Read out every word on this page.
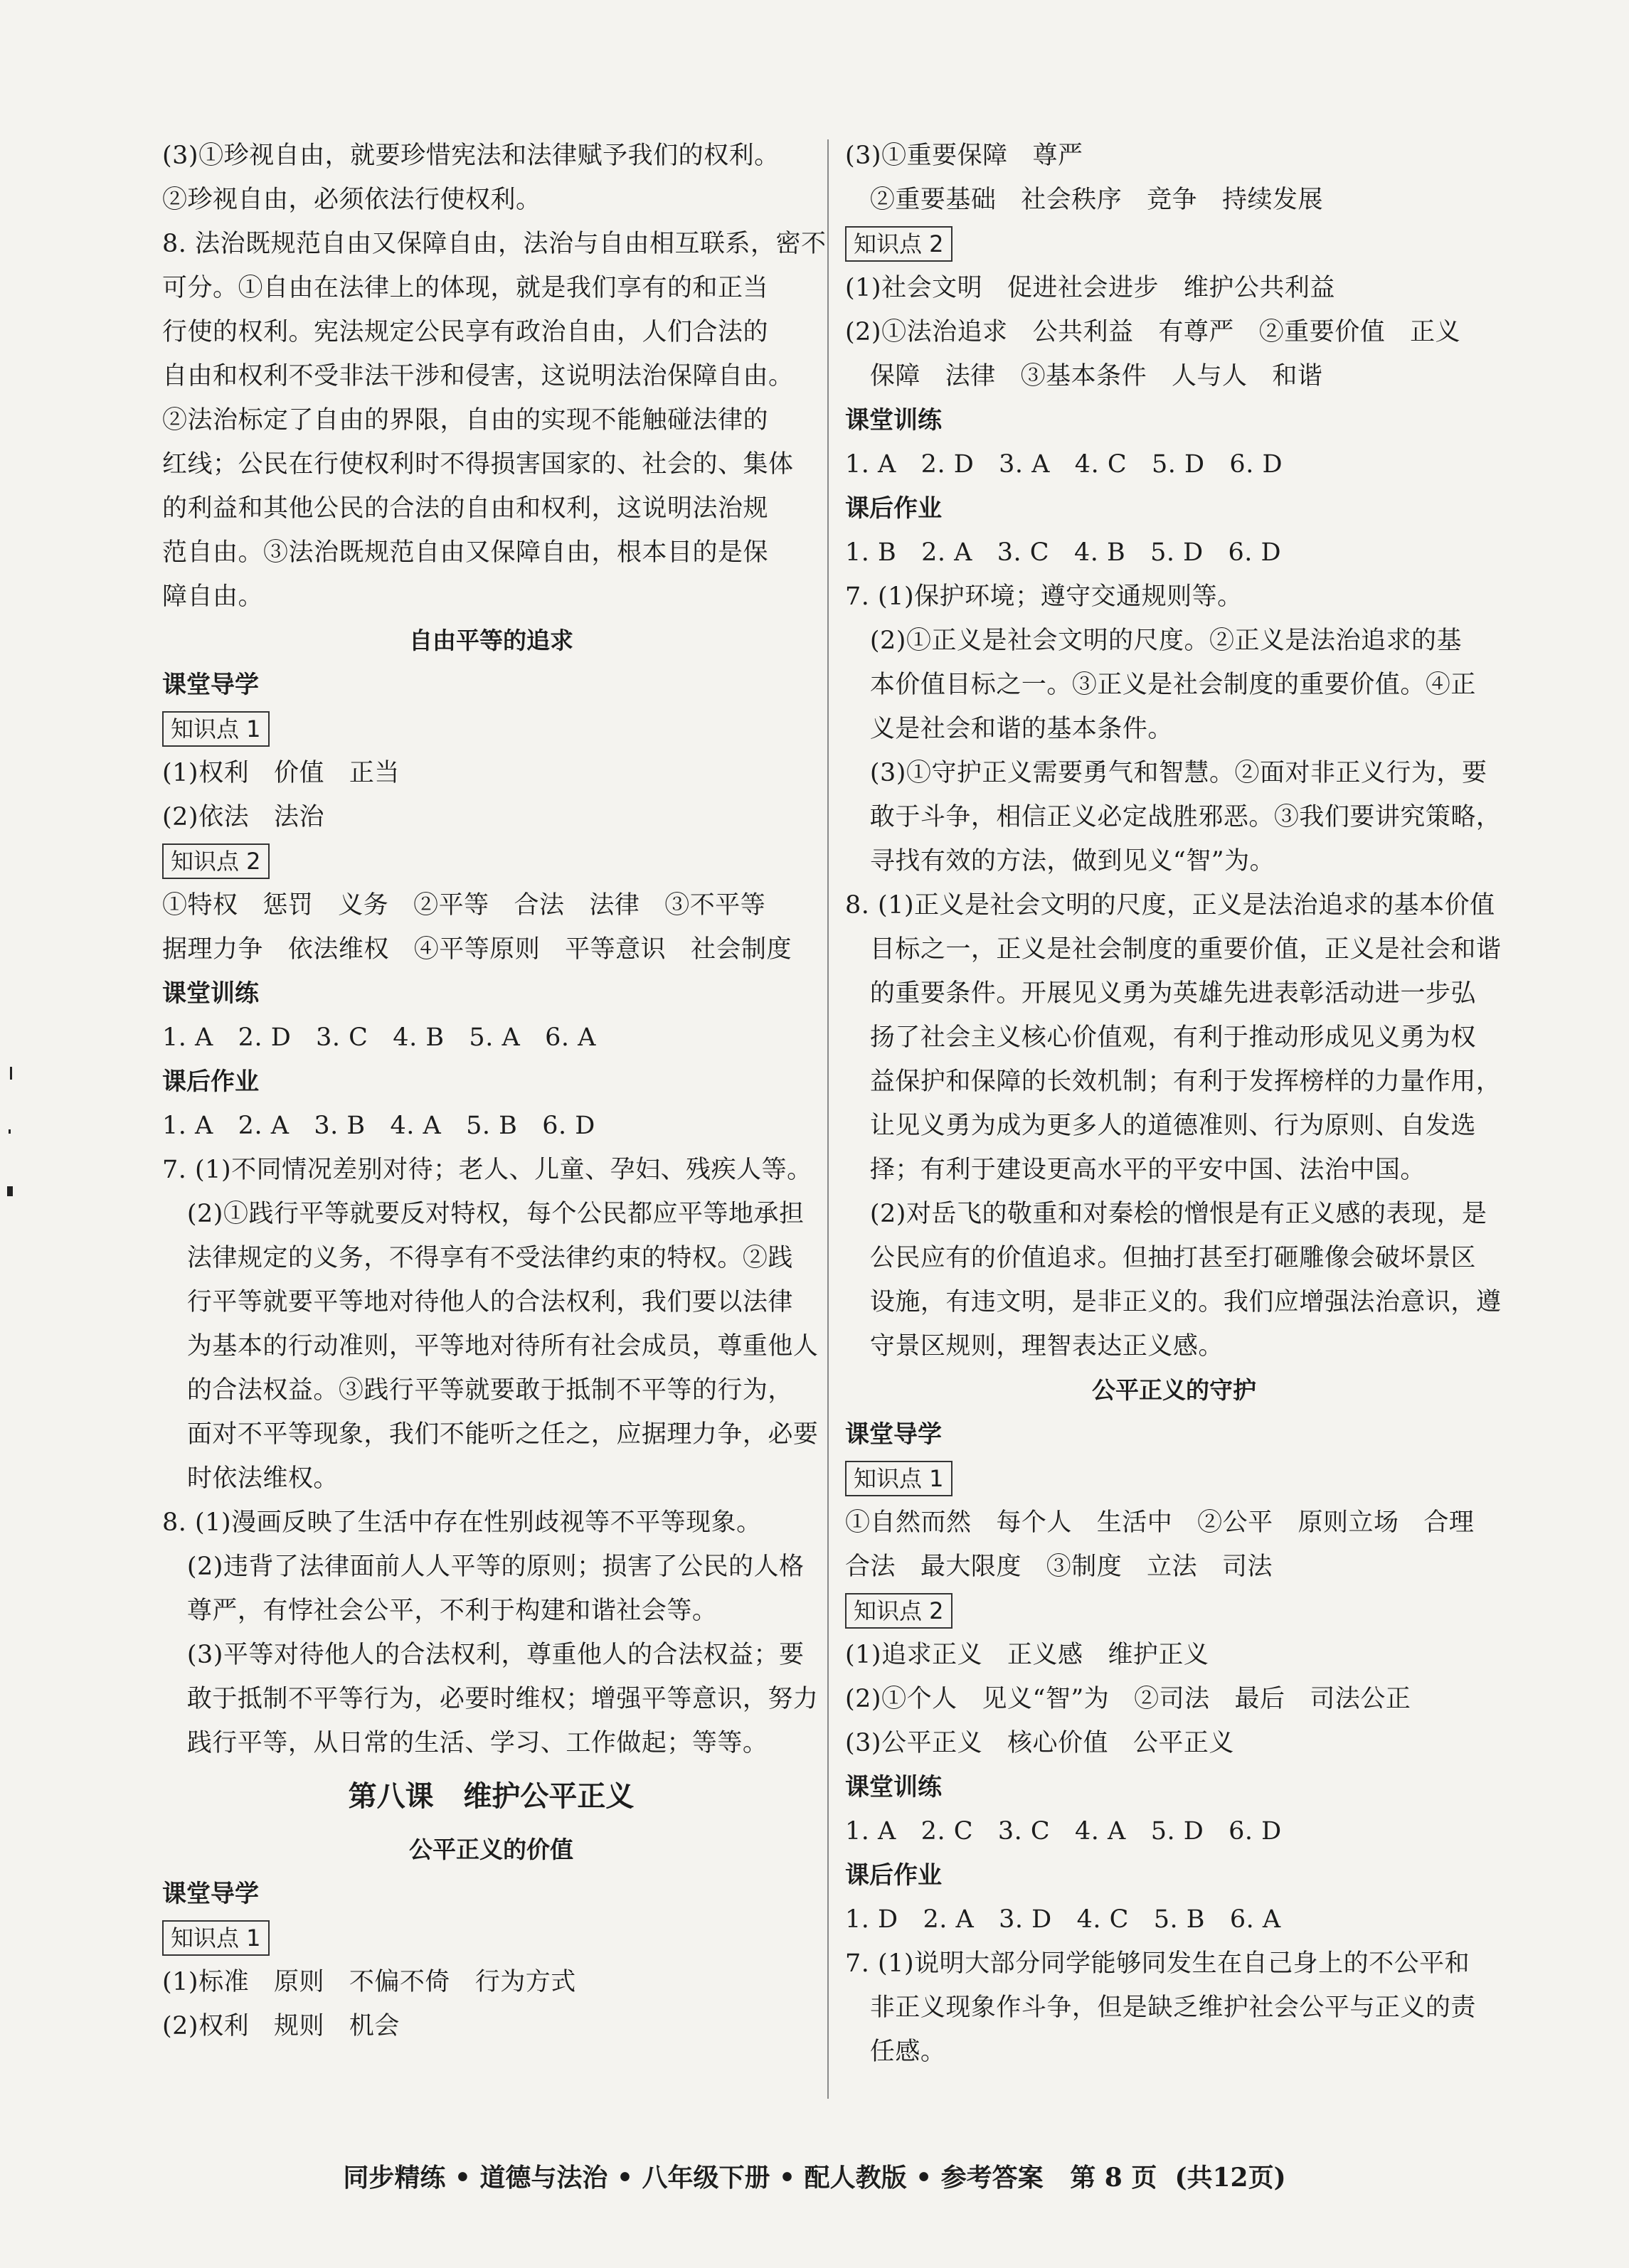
(3)①珍视自由，就要珍惜宪法和法律赋予我们的权利。
②珍视自由，必须依法行使权利。
8. 法治既规范自由又保障自由，法治与自由相互联系，密不
可分。①自由在法律上的体现，就是我们享有的和正当
行使的权利。宪法规定公民享有政治自由，人们合法的
自由和权利不受非法干涉和侵害，这说明法治保障自由。
②法治标定了自由的界限，自由的实现不能触碰法律的
红线；公民在行使权利时不得损害国家的、社会的、集体
的利益和其他公民的合法的自由和权利，这说明法治规
范自由。③法治既规范自由又保障自由，根本目的是保
障自由。
自由平等的追求
课堂导学
知识点 1
(1)权利   价值   正当
(2)依法   法治
知识点 2
①特权   惩罚   义务   ②平等   合法   法律   ③不平等
据理力争   依法维权   ④平等原则   平等意识   社会制度
课堂训练
1. A   2. D   3. C   4. B   5. A   6. A
课后作业
1. A   2. A   3. B   4. A   5. B   6. D
7. (1)不同情况差别对待；老人、儿童、孕妇、残疾人等。
(2)①践行平等就要反对特权，每个公民都应平等地承担
法律规定的义务，不得享有不受法律约束的特权。②践
行平等就要平等地对待他人的合法权利，我们要以法律
为基本的行动准则，平等地对待所有社会成员，尊重他人
的合法权益。③践行平等就要敢于抵制不平等的行为，
面对不平等现象，我们不能听之任之，应据理力争，必要
时依法维权。
8. (1)漫画反映了生活中存在性别歧视等不平等现象。
(2)违背了法律面前人人平等的原则；损害了公民的人格
尊严，有悖社会公平，不利于构建和谐社会等。
(3)平等对待他人的合法权利，尊重他人的合法权益；要
敢于抵制不平等行为，必要时维权；增强平等意识，努力
践行平等，从日常的生活、学习、工作做起；等等。
第八课   维护公平正义
公平正义的价值
课堂导学
知识点 1
(1)标准   原则   不偏不倚   行为方式
(2)权利   规则   机会
(3)①重要保障   尊严
②重要基础   社会秩序   竞争   持续发展
知识点 2
(1)社会文明   促进社会进步   维护公共利益
(2)①法治追求   公共利益   有尊严   ②重要价值   正义
保障   法律   ③基本条件   人与人   和谐
课堂训练
1. A   2. D   3. A   4. C   5. D   6. D
课后作业
1. B   2. A   3. C   4. B   5. D   6. D
7. (1)保护环境；遵守交通规则等。
(2)①正义是社会文明的尺度。②正义是法治追求的基
本价值目标之一。③正义是社会制度的重要价值。④正
义是社会和谐的基本条件。
(3)①守护正义需要勇气和智慧。②面对非正义行为，要
敢于斗争，相信正义必定战胜邪恶。③我们要讲究策略，
寻找有效的方法，做到见义“智”为。
8. (1)正义是社会文明的尺度，正义是法治追求的基本价值
目标之一，正义是社会制度的重要价值，正义是社会和谐
的重要条件。开展见义勇为英雄先进表彰活动进一步弘
扬了社会主义核心价值观，有利于推动形成见义勇为权
益保护和保障的长效机制；有利于发挥榜样的力量作用，
让见义勇为成为更多人的道德准则、行为原则、自发选
择；有利于建设更高水平的平安中国、法治中国。
(2)对岳飞的敬重和对秦桧的憎恨是有正义感的表现，是
公民应有的价值追求。但抽打甚至打砸雕像会破坏景区
设施，有违文明，是非正义的。我们应增强法治意识，遵
守景区规则，理智表达正义感。
公平正义的守护
课堂导学
知识点 1
①自然而然   每个人   生活中   ②公平   原则立场   合理
合法   最大限度   ③制度   立法   司法
知识点 2
(1)追求正义   正义感   维护正义
(2)①个人   见义“智”为   ②司法   最后   司法公正
(3)公平正义   核心价值   公平正义
课堂训练
1. A   2. C   3. C   4. A   5. D   6. D
课后作业
1. D   2. A   3. D   4. C   5. B   6. A
7. (1)说明大部分同学能够同发生在自己身上的不公平和
非正义现象作斗争，但是缺乏维护社会公平与正义的责
任感。
同步精练 • 道德与法治 • 八年级下册 • 配人教版 • 参考答案   第 8 页  (共12页)
